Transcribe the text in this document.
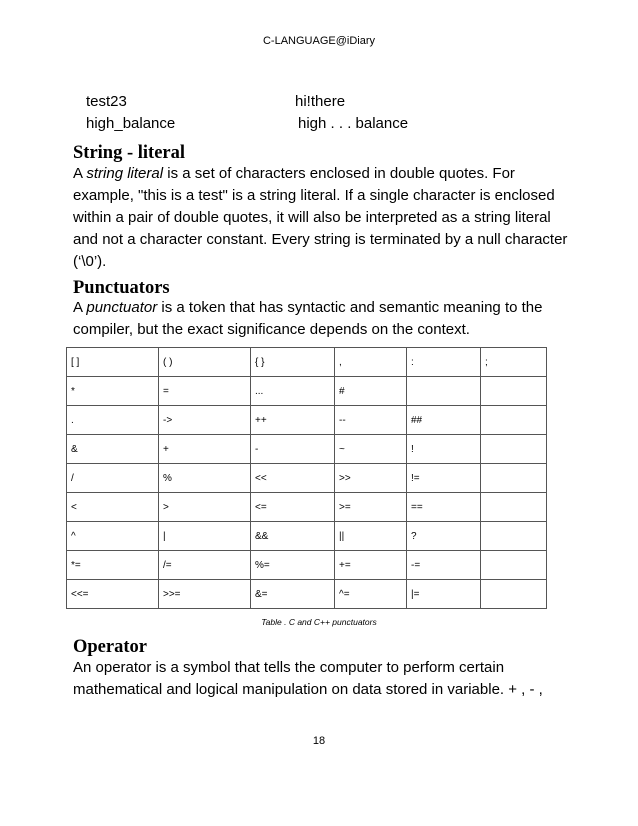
C-LANGUAGE@iDiary
test23	hi!there
high_balance	high . . . balance
String - literal

A string literal is a set of characters enclosed in double quotes. For example, "this is a test" is a string literal. If a single character is enclosed within a pair of double quotes, it will also be interpreted as a string literal and not a character constant. Every string is terminated by a null character (‘\0’).

Punctuators

A punctuator is a token that has syntactic and semantic meaning to the compiler, but the exact significance depends on the context.

[ ]	( )	{ }	,	:	;
*	=	...	#		
.	->	++	--	##	
&	+	-	~	!	
/	%	<<	>>	!=	
<	>	<=	>=	==	
^	|	&&	||	?	
*=	/=	%=	+=	-=	
<<=	>>=	&=	^=	|=	
Table . C and C++ punctuators
Operator

An operator is a symbol that tells the computer to perform certain mathematical and logical manipulation on data stored in variable. + , - ,

18
